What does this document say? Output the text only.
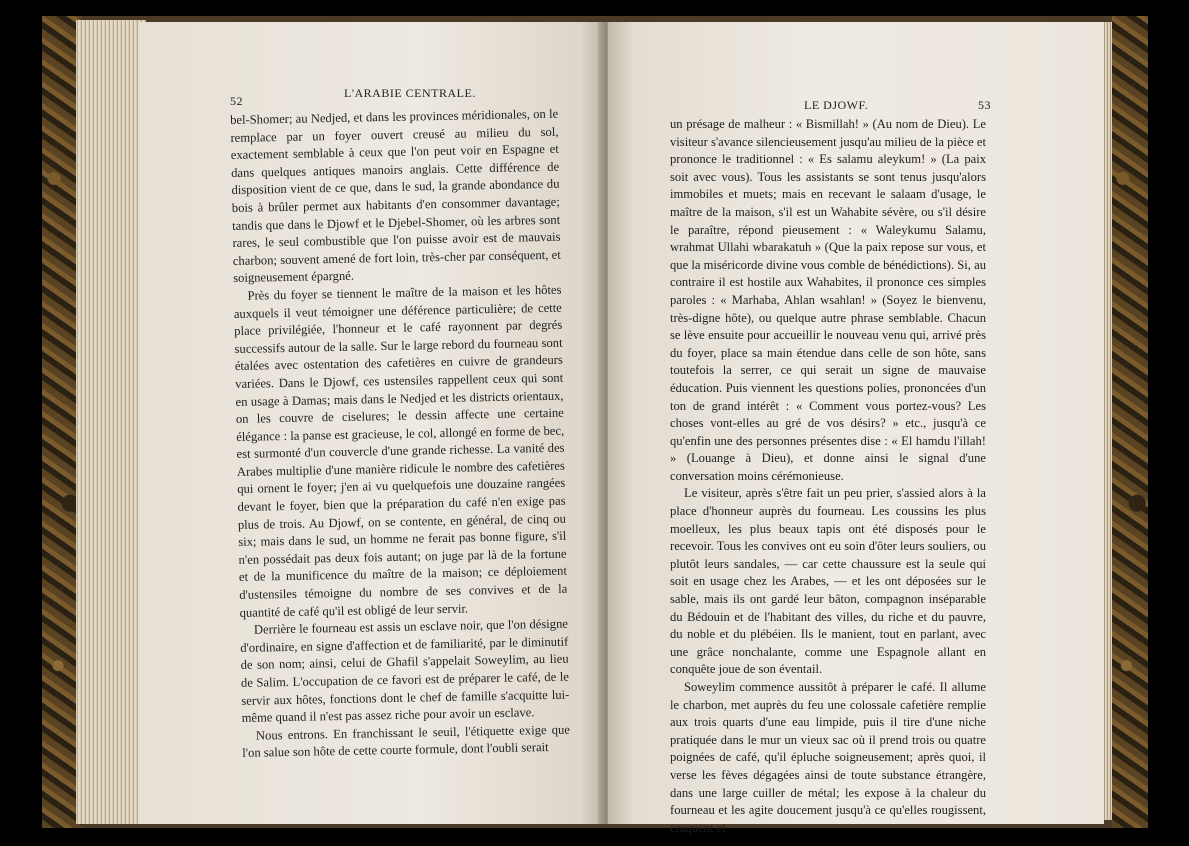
52
L'ARABIE CENTRALE.

bel-Shomer; au Nedjed, et dans les provinces méridionales, on le remplace par un foyer ouvert creusé au milieu du sol, exactement semblable à ceux que l'on peut voir en Espagne et dans quelques antiques manoirs anglais. Cette différence de disposition vient de ce que, dans le sud, la grande abondance du bois à brûler permet aux habitants d'en consommer davantage; tandis que dans le Djowf et le Djebel-Shomer, où les arbres sont rares, le seul combustible que l'on puisse avoir est de mauvais charbon; souvent amené de fort loin, très-cher par conséquent, et soigneusement épargné.

Près du foyer se tiennent le maître de la maison et les hôtes auxquels il veut témoigner une déférence particulière; de cette place privilégiée, l'honneur et le café rayonnent par degrés successifs autour de la salle. Sur le large rebord du fourneau sont étalées avec ostentation des cafetières en cuivre de grandeurs variées. Dans le Djowf, ces ustensiles rappellent ceux qui sont en usage à Damas; mais dans le Nedjed et les districts orientaux, on les couvre de ciselures; le dessin affecte une certaine élégance : la panse est gracieuse, le col, allongé en forme de bec, est surmonté d'un couvercle d'une grande richesse. La vanité des Arabes multiplie d'une manière ridicule le nombre des cafetières qui ornent le foyer; j'en ai vu quelquefois une douzaine rangées devant le foyer, bien que la préparation du café n'en exige pas plus de trois. Au Djowf, on se contente, en général, de cinq ou six; mais dans le sud, un homme ne ferait pas bonne figure, s'il n'en possédait pas deux fois autant; on juge par là de la fortune et de la munificence du maître de la maison; ce déploiement d'ustensiles témoigne du nombre de ses convives et de la quantité de café qu'il est obligé de leur servir.

Derrière le fourneau est assis un esclave noir, que l'on désigne d'ordinaire, en signe d'affection et de familiarité, par le diminutif de son nom; ainsi, celui de Ghafil s'appelait Soweylim, au lieu de Salim. L'occupation de ce favori est de préparer le café, de le servir aux hôtes, fonctions dont le chef de famille s'acquitte lui-même quand il n'est pas assez riche pour avoir un esclave.

Nous entrons. En franchissant le seuil, l'étiquette exige que l'on salue son hôte de cette courte formule, dont l'oubli serait

LE DJOWF.	53

un présage de malheur : « Bismillah! » (Au nom de Dieu). Le visiteur s'avance silencieusement jusqu'au milieu de la pièce et prononce le traditionnel : « Es salamu aleykum! » (La paix soit avec vous). Tous les assistants se sont tenus jusqu'alors immobiles et muets; mais en recevant le salaam d'usage, le maître de la maison, s'il est un Wahabite sévère, ou s'il désire le paraître, répond pieusement : « Waleykumu Salamu, wrahmat Ullahi wbarakatuh » (Que la paix repose sur vous, et que la miséricorde divine vous comble de bénédictions). Si, au contraire il est hostile aux Wahabites, il prononce ces simples paroles : « Marhaba, Ahlan wsahlan! » (Soyez le bienvenu, très-digne hôte), ou quelque autre phrase semblable. Chacun se lève ensuite pour accueillir le nouveau venu qui, arrivé près du foyer, place sa main étendue dans celle de son hôte, sans toutefois la serrer, ce qui serait un signe de mauvaise éducation. Puis viennent les questions polies, prononcées d'un ton de grand intérêt : « Comment vous portez-vous? Les choses vont-elles au gré de vos désirs? » etc., jusqu'à ce qu'enfin une des personnes présentes dise : « El hamdu l'illah! » (Louange à Dieu), et donne ainsi le signal d'une conversation moins cérémonieuse.

Le visiteur, après s'être fait un peu prier, s'assied alors à la place d'honneur auprès du fourneau. Les coussins les plus moelleux, les plus beaux tapis ont été disposés pour le recevoir. Tous les convives ont eu soin d'ôter leurs souliers, ou plutôt leurs sandales, — car cette chaussure est la seule qui soit en usage chez les Arabes, — et les ont déposées sur le sable, mais ils ont gardé leur bâton, compagnon inséparable du Bédouin et de l'habitant des villes, du riche et du pauvre, du noble et du plébéien. Ils le manient, tout en parlant, avec une grâce nonchalante, comme une Espagnole allant en conquête joue de son éventail.

Soweylim commence aussitôt à préparer le café. Il allume le charbon, met auprès du feu une colossale cafetière remplie aux trois quarts d'une eau limpide, puis il tire d'une niche pratiquée dans le mur un vieux sac où il prend trois ou quatre poignées de café, qu'il épluche soigneusement; après quoi, il verse les fèves dégagées ainsi de toute substance étrangère, dans une large cuiller de métal; les expose à la chaleur du fourneau et les agite doucement jusqu'à ce qu'elles rougissent, craquent et
